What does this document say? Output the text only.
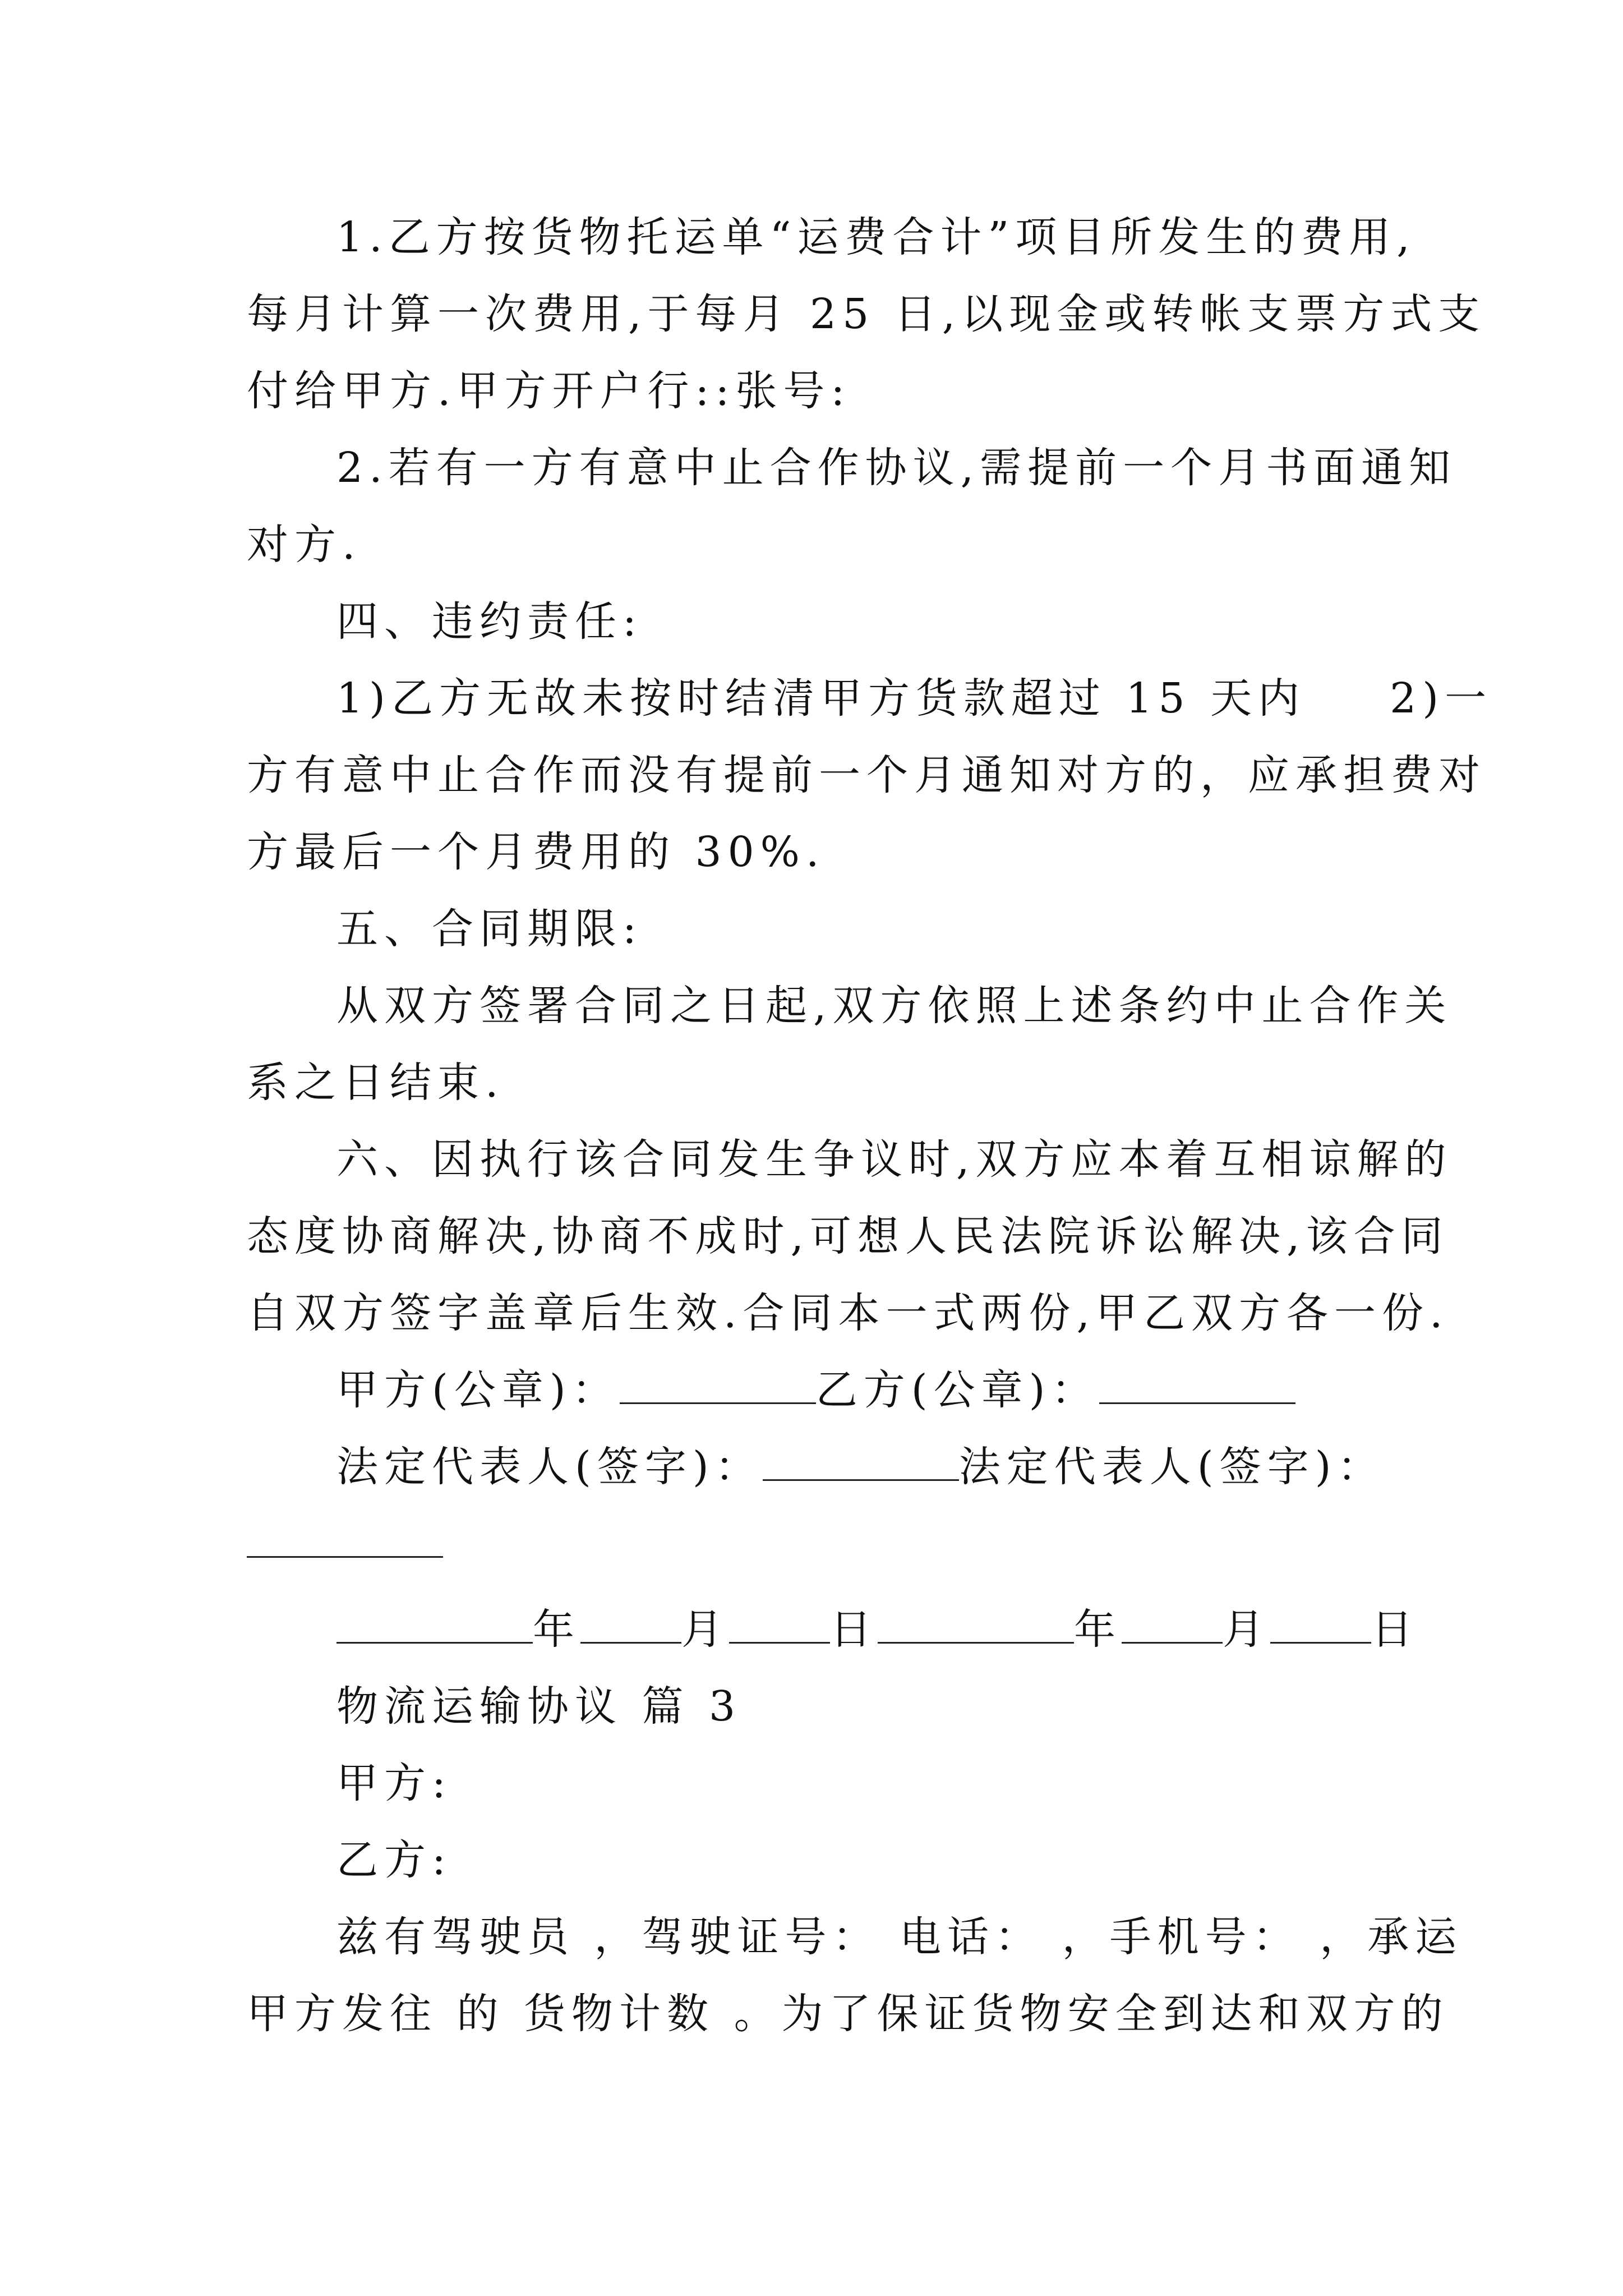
1.乙方按货物托运单“运费合计”项目所发生的费用,
每月计算一次费用,于每月 25 日,以现金或转帐支票方式支
付给甲方.甲方开户行::张号:
2.若有一方有意中止合作协议,需提前一个月书面通知
对方.
四、违约责任:
1)乙方无故未按时结清甲方货款超过 15 天内 2)一
方有意中止合作而没有提前一个月通知对方的，应承担费对
方最后一个月费用的 30%.
五、合同期限:
从双方签署合同之日起,双方依照上述条约中止合作关
系之日结束.
六、因执行该合同发生争议时,双方应本着互相谅解的
态度协商解决,协商不成时,可想人民法院诉讼解决,该合同
自双方签字盖章后生效.合同本一式两份,甲乙双方各一份.
甲方(公章)：	乙方(公章)：
法定代表人(签字)：	法定代表人(签字)：
年 月 日	年 月 日
物流运输协议 篇 3
甲方:
乙方:
兹有驾驶员 ，驾驶证号： 电话： ，手机号： ，承运
甲方发往 的 货物计数 。为了保证货物安全到达和双方的
